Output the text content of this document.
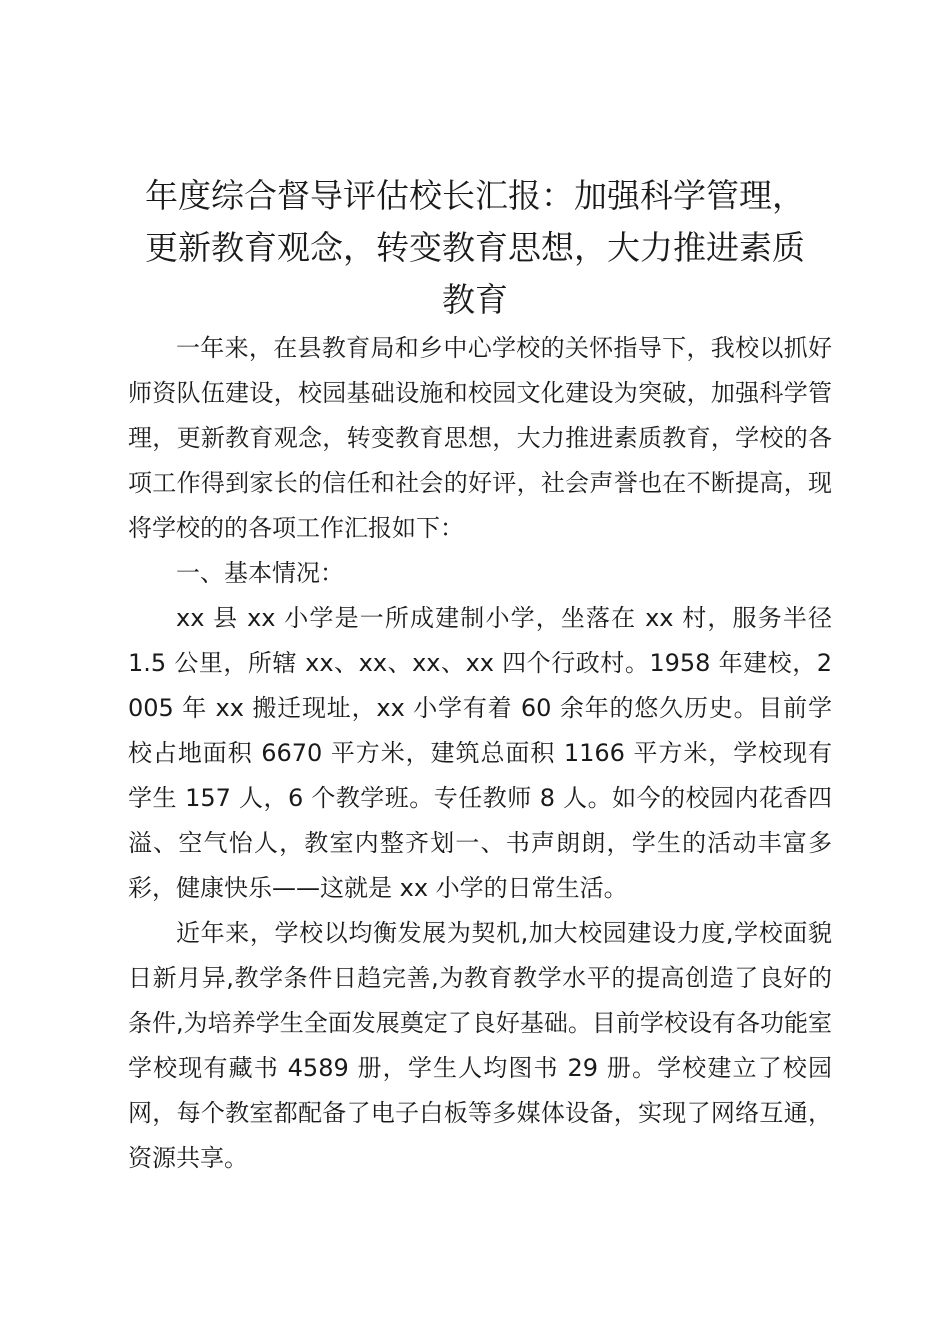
年度综合督导评估校长汇报：加强科学管理，
更新教育观念，转变教育思想，大力推进素质
教育

一年来，在县教育局和乡中心学校的关怀指导下，我校以抓好师资队伍建设，校园基础设施和校园文化建设为突破，加强科学管理，更新教育观念，转变教育思想，大力推进素质教育，学校的各项工作得到家长的信任和社会的好评，社会声誉也在不断提高，现将学校的的各项工作汇报如下：

一、基本情况：

xx 县 xx 小学是一所成建制小学，坐落在 xx 村，服务半径 1.5 公里，所辖 xx、xx、xx、xx 四个行政村。1958 年建校，2005 年 xx 搬迁现址，xx 小学有着 60 余年的悠久历史。目前学校占地面积 6670 平方米，建筑总面积 1166 平方米，学校现有学生 157 人，6 个教学班。专任教师 8 人。如今的校园内花香四溢、空气怡人，教室内整齐划一、书声朗朗，学生的活动丰富多彩，健康快乐——这就是 xx 小学的日常生活。

近年来，学校以均衡发展为契机,加大校园建设力度,学校面貌日新月异,教学条件日趋完善,为教育教学水平的提高创造了良好的条件,为培养学生全面发展奠定了良好基础。目前学校设有各功能室学校现有藏书 4589 册，学生人均图书 29 册。学校建立了校园网，每个教室都配备了电子白板等多媒体设备，实现了网络互通，资源共享。
